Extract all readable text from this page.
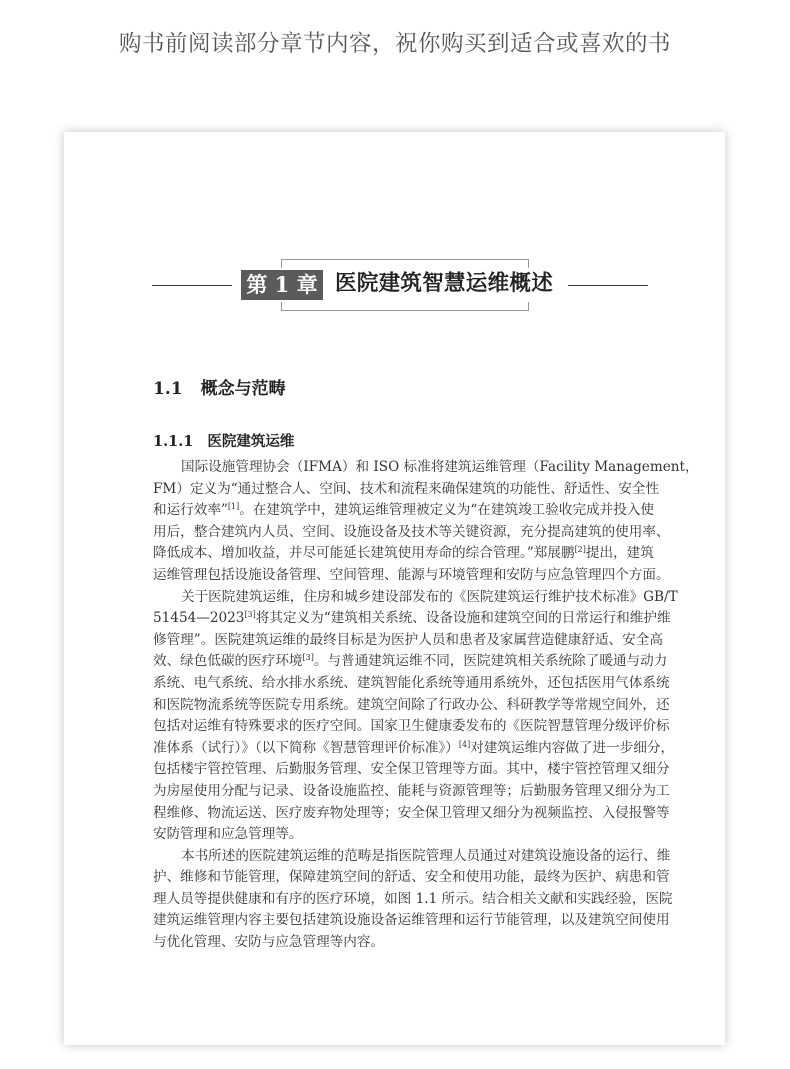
购书前阅读部分章节内容，祝你购买到适合或喜欢的书
第 1 章 医院建筑智慧运维概述
1.1 概念与范畴
1.1.1 医院建筑运维
国际设施管理协会（IFMA）和 ISO 标准将建筑运维管理（Facility Management，
FM）定义为“通过整合人、空间、技术和流程来确保建筑的功能性、舒适性、安全性
和运行效率”[1]。在建筑学中，建筑运维管理被定义为“在建筑竣工验收完成并投入使
用后，整合建筑内人员、空间、设施设备及技术等关键资源，充分提高建筑的使用率、
降低成本、增加收益，并尽可能延长建筑使用寿命的综合管理。”郑展鹏[2]提出，建筑
运维管理包括设施设备管理、空间管理、能源与环境管理和安防与应急管理四个方面。
关于医院建筑运维，住房和城乡建设部发布的《医院建筑运行维护技术标准》GB/T
51454—2023[3]将其定义为“建筑相关系统、设备设施和建筑空间的日常运行和维护维
修管理”。医院建筑运维的最终目标是为医护人员和患者及家属营造健康舒适、安全高
效、绿色低碳的医疗环境[3]。与普通建筑运维不同，医院建筑相关系统除了暖通与动力
系统、电气系统、给水排水系统、建筑智能化系统等通用系统外，还包括医用气体系统
和医院物流系统等医院专用系统。建筑空间除了行政办公、科研教学等常规空间外，还
包括对运维有特殊要求的医疗空间。国家卫生健康委发布的《医院智慧管理分级评价标
准体系（试行）》（以下简称《智慧管理评价标准》）[4]对建筑运维内容做了进一步细分，
包括楼宇管控管理、后勤服务管理、安全保卫管理等方面。其中，楼宇管控管理又细分
为房屋使用分配与记录、设备设施监控、能耗与资源管理等；后勤服务管理又细分为工
程维修、物流运送、医疗废弃物处理等；安全保卫管理又细分为视频监控、入侵报警等
安防管理和应急管理等。
本书所述的医院建筑运维的范畴是指医院管理人员通过对建筑设施设备的运行、维
护、维修和节能管理，保障建筑空间的舒适、安全和使用功能，最终为医护、病患和管
理人员等提供健康和有序的医疗环境，如图 1.1 所示。结合相关文献和实践经验，医院
建筑运维管理内容主要包括建筑设施设备运维管理和运行节能管理，以及建筑空间使用
与优化管理、安防与应急管理等内容。
